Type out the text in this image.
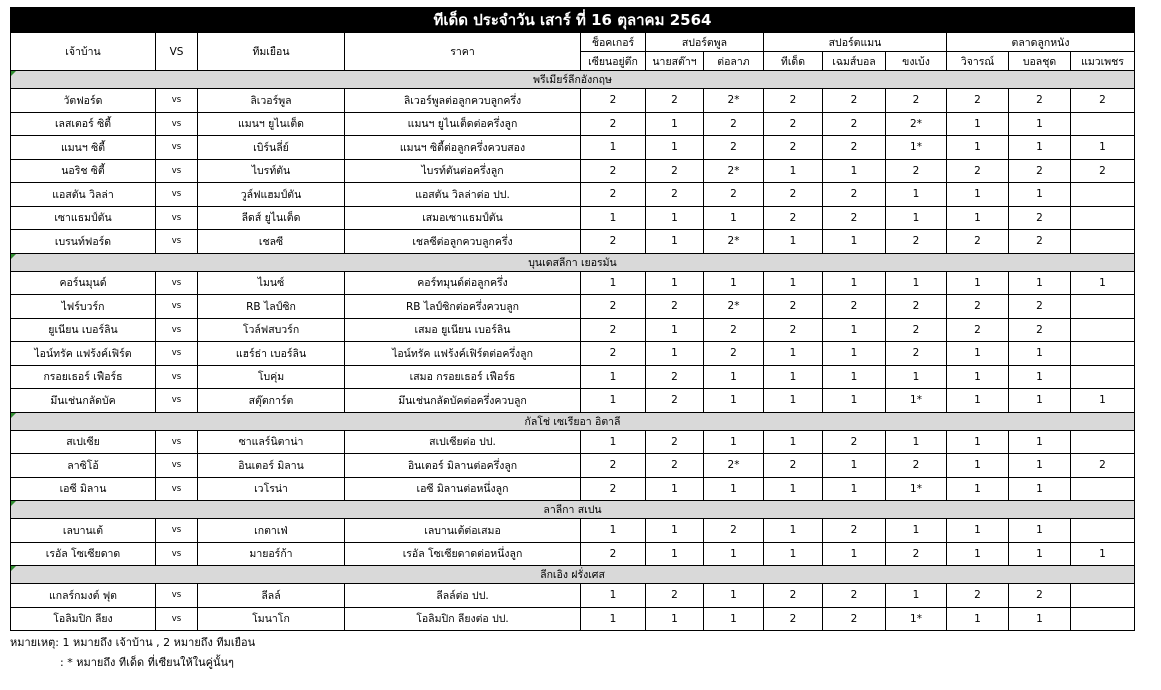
ทีเด็ด ประจำวัน เสาร์ ที่ 16 ตุลาคม 2564												
เจ้าบ้าน	VS	ทีมเยือน	ราคา	ช็อคเกอร์	สปอร์ตพูล		สปอร์ตแมน			ตลาดลูกหนัง		
				เซียนอยู่ตึก	นายสต๊าฯ	ต่อลาภ	ทีเด็ด	เฉมส์บอล	ขงเบ้ง	วิจารณ์	บอลชุด	แมวเพชร
พรีเมียร์ลีกอังกฤษ												

วัตฟอร์ด	vs	ลิเวอร์พูล	ลิเวอร์พูลต่อลูกควบลูกครึ่ง	2	2	2*	2	2	2	2	2	2
เลสเตอร์ ซิตี้	vs	แมนฯ ยูไนเต็ด	แมนฯ ยูไนเต็ดต่อครึ่งลูก	2	1	2	2	2	2*	1	1	
แมนฯ ซิตี้	vs	เบิร์นลี่ย์	แมนฯ ซิตี้ต่อลูกครึ่งควบสอง	1	1	2	2	2	1*	1	1	1
นอริช ซิตี้	vs	ไบรท์ตัน	ไบรท์ตันต่อครึ่งลูก	2	2	2*	1	1	2	2	2	2
แอสตัน วิลล่า	vs	วูล์ฟแฮมป์ตัน	แอสตัน วิลล่าต่อ ปป.	2	2	2	2	2	1	1	1	
เซาแธมป์ตัน	vs	ลีดส์ ยูไนเต็ด	เสมอเซาแธมป์ตัน	1	1	1	2	2	1	1	2	
เบรนท์ฟอร์ด	vs	เชลซี	เชลซีต่อลูกควบลูกครึ่ง	2	1	2*	1	1	2	2	2	
บุนเดสลีกา เยอรมัน												

คอร์นมุนด์	vs	ไมนซ์	คอร์ทมุนด์ต่อลูกครึ่ง	1	1	1	1	1	1	1	1	1
ไฟร์บวร์ก	vs	RB ไลป์ซิก	RB ไลป์ซิกต่อครึ่งควบลูก	2	2	2*	2	2	2	2	2	
ยูเนียน เบอร์ลิน	vs	โวล์ฟสบวร์ก	เสมอ ยูเนียน เบอร์ลิน	2	1	2	2	1	2	2	2	
ไอน์ทรัค แฟร้งค์เฟิร์ต	vs	แฮร์ธ่า เบอร์ลิน	ไอน์ทรัค แฟร้งค์เฟิร์ตต่อครึ่งลูก	2	1	2	1	1	2	1	1	
กรอยเธอร์ เฟือร์ธ	vs	โบคุ่ม	เสมอ กรอยเธอร์ เฟือร์ธ	1	2	1	1	1	1	1	1	
มึนเช่นกลัดบัค	vs	สตุ๊ตการ์ต	มึนเช่นกลัดบัคต่อครึ่งควบลูก	1	2	1	1	1	1*	1	1	1
กัลโช่ เซเรียอา อิตาลี												

สเปเซีย	vs	ซาแลร์นิตาน่า	สเปเซียต่อ ปป.	1	2	1	1	2	1	1	1	
ลาซิโอ้	vs	อินเตอร์ มิลาน	อินเตอร์ มิลานต่อครึ่งลูก	2	2	2*	2	1	2	1	1	2
เอซี มิลาน	vs	เวโรน่า	เอซี มิลานต่อหนึ่งลูก	2	1	1	1	1	1*	1	1	
ลาลีกา สเปน												

เลบานเต้	vs	เกตาเฟ่	เลบานเต้ต่อเสมอ	1	1	2	1	2	1	1	1	
เรอัล โซเซียดาด	vs	มายอร์ก้า	เรอัล โซเซียดาดต่อหนึ่งลูก	2	1	1	1	1	2	1	1	1
ลีกเอิง ฝรั่งเศส												

แกลร์กมงต์ ฟุต	vs	ลีลล์	ลีลล์ต่อ ปป.	1	2	1	2	2	1	2	2	
โอลิมปิก ลียง	vs	โมนาโก	โอลิมปิก ลียงต่อ ปป.	1	1	1	2	2	1*	1	1	
หมายเหตุ: 1 หมายถึง เจ้าบ้าน , 2 หมายถึง ทีมเยือน
: * หมายถึง ทีเด็ด ที่เซียนให้ในคู่นั้นๆ
